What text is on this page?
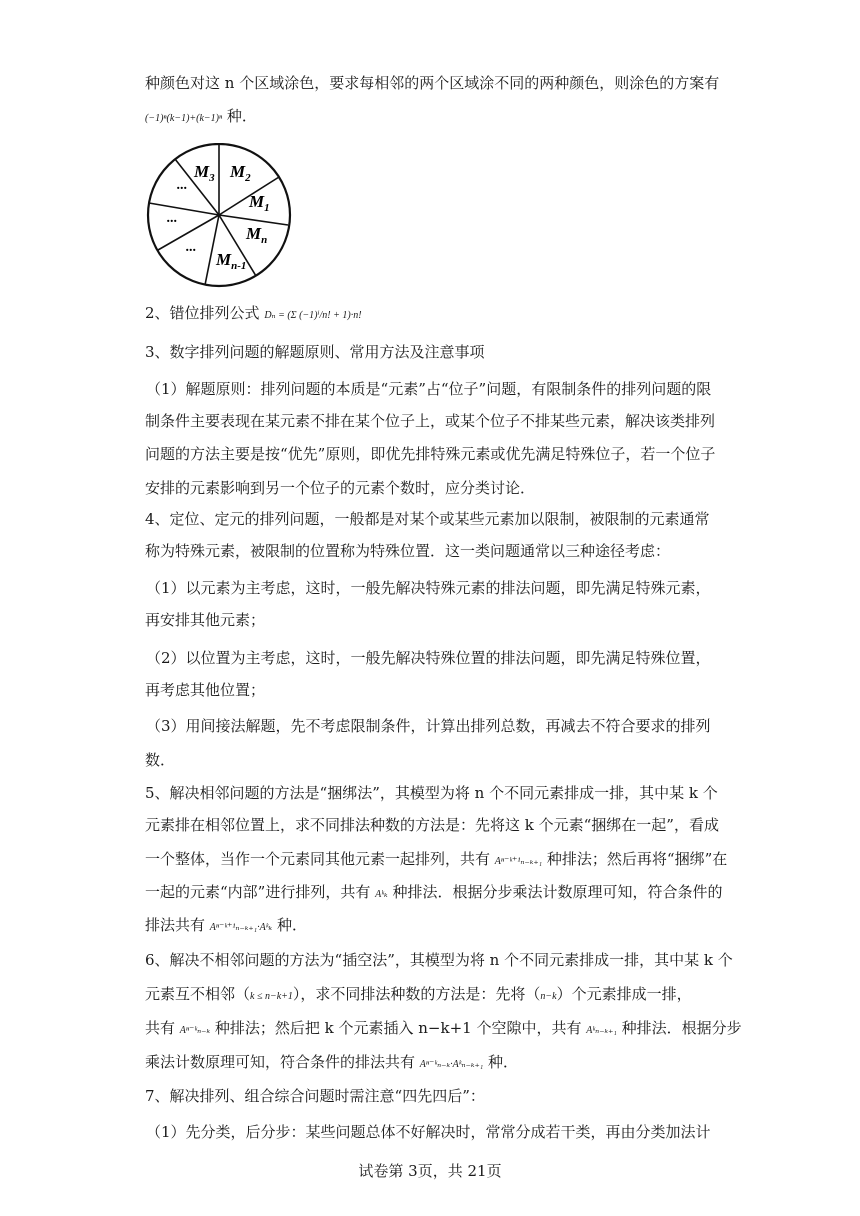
种颜色对这 n 个区域涂色，要求每相邻的两个区域涂不同的两种颜色，则涂色的方案有
(−1)ⁿ(k−1)+(k−1)ⁿ 种．
$M_3$ $M_2$
$M_1$
$M_n$
$M_{n-1}$
...
...
...
2、错位排列公式 Dₙ = (Σ (−1)ⁱ/n! + 1)·n!
3、数字排列问题的解题原则、常用方法及注意事项
（1）解题原则：排列问题的本质是“元素”占“位子”问题，有限制条件的排列问题的限
制条件主要表现在某元素不排在某个位子上，或某个位子不排某些元素，解决该类排列
问题的方法主要是按“优先”原则，即优先排特殊元素或优先满足特殊位子，若一个位子
安排的元素影响到另一个位子的元素个数时，应分类讨论．
4、定位、定元的排列问题，一般都是对某个或某些元素加以限制，被限制的元素通常
称为特殊元素，被限制的位置称为特殊位置．这一类问题通常以三种途径考虑：
（1）以元素为主考虑，这时，一般先解决特殊元素的排法问题，即先满足特殊元素，
再安排其他元素；
（2）以位置为主考虑，这时，一般先解决特殊位置的排法问题，即先满足特殊位置，
再考虑其他位置；
（3）用间接法解题，先不考虑限制条件，计算出排列总数，再减去不符合要求的排列
数．
5、解决相邻问题的方法是“捆绑法”，其模型为将 n 个不同元素排成一排，其中某 k 个
元素排在相邻位置上，求不同排法种数的方法是：先将这 k 个元素“捆绑在一起”，看成
一个整体，当作一个元素同其他元素一起排列，共有 Aⁿ⁻ᵏ⁺¹ₙ₋ₖ₊₁ 种排法；然后再将“捆绑”在
一起的元素“内部”进行排列，共有 Aᵏₖ 种排法．根据分步乘法计数原理可知，符合条件的
排法共有 Aⁿ⁻ᵏ⁺¹ₙ₋ₖ₊₁·Aᵏₖ 种．
6、解决不相邻问题的方法为“插空法”，其模型为将 n 个不同元素排成一排，其中某 k 个
元素互不相邻（k ≤ n−k+1），求不同排法种数的方法是：先将（n−k）个元素排成一排，
共有 Aⁿ⁻ᵏₙ₋ₖ 种排法；然后把 k 个元素插入 n−k+1 个空隙中，共有 Aᵏₙ₋ₖ₊₁ 种排法．根据分步
乘法计数原理可知，符合条件的排法共有 Aⁿ⁻ᵏₙ₋ₖ·Aᵏₙ₋ₖ₊₁ 种．
7、解决排列、组合综合问题时需注意“四先四后”：
（1）先分类，后分步：某些问题总体不好解决时，常常分成若干类，再由分类加法计
试卷第 3页，共 21页
